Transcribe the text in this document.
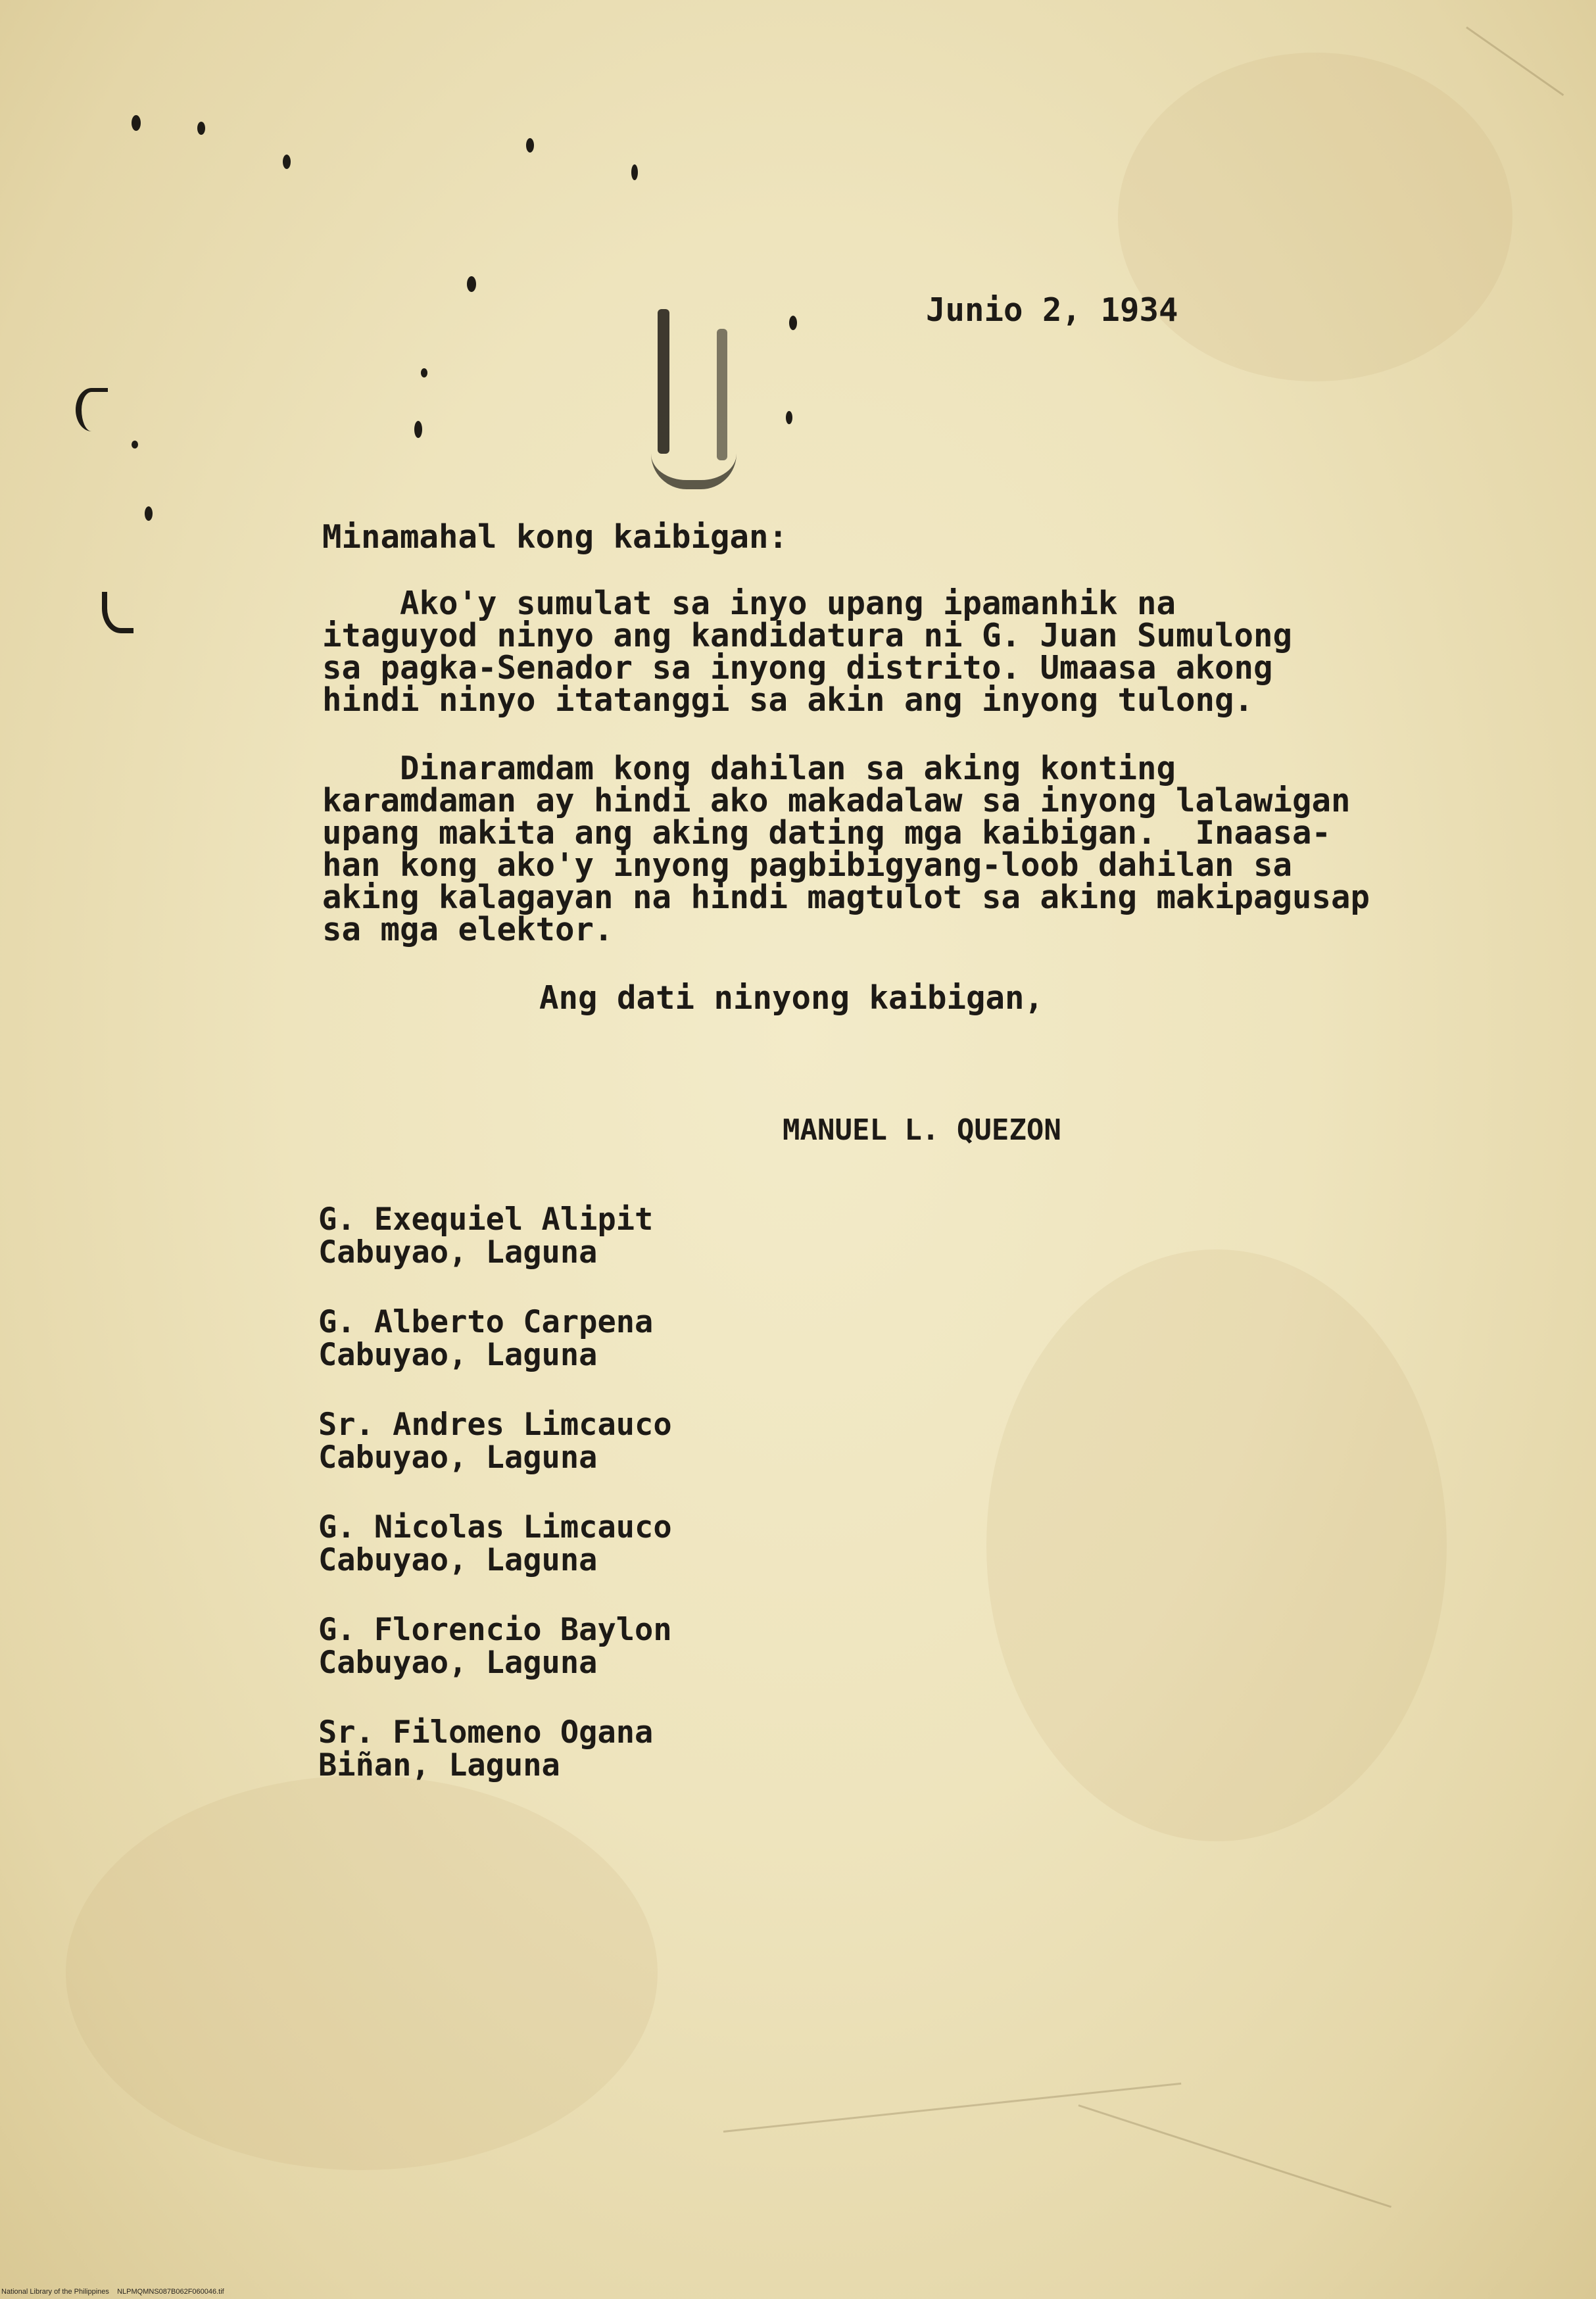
Junio 2, 1934
Minamahal kong kaibigan:
Ako'y sumulat sa inyo upang ipamanhik na
itaguyod ninyo ang kandidatura ni G. Juan Sumulong
sa pagka-Senador sa inyong distrito. Umaasa akong
hindi ninyo itatanggi sa akin ang inyong tulong.
Dinaramdam kong dahilan sa aking konting
karamdaman ay hindi ako makadalaw sa inyong lalawigan
upang makita ang aking dating mga kaibigan.  Inaasa-
han kong ako'y inyong pagbibigyang-loob dahilan sa
aking kalagayan na hindi magtulot sa aking makipagusap
sa mga elektor.
Ang dati ninyong kaibigan,
MANUEL L. QUEZON
G. Exequiel Alipit
Cabuyao, Laguna
G. Alberto Carpena
Cabuyao, Laguna
Sr. Andres Limcauco
Cabuyao, Laguna
G. Nicolas Limcauco
Cabuyao, Laguna
G. Florencio Baylon
Cabuyao, Laguna
Sr. Filomeno Ogana
Biñan, Laguna
National Library of the Philippines    NLPMQMNS087B062F060046.tif
